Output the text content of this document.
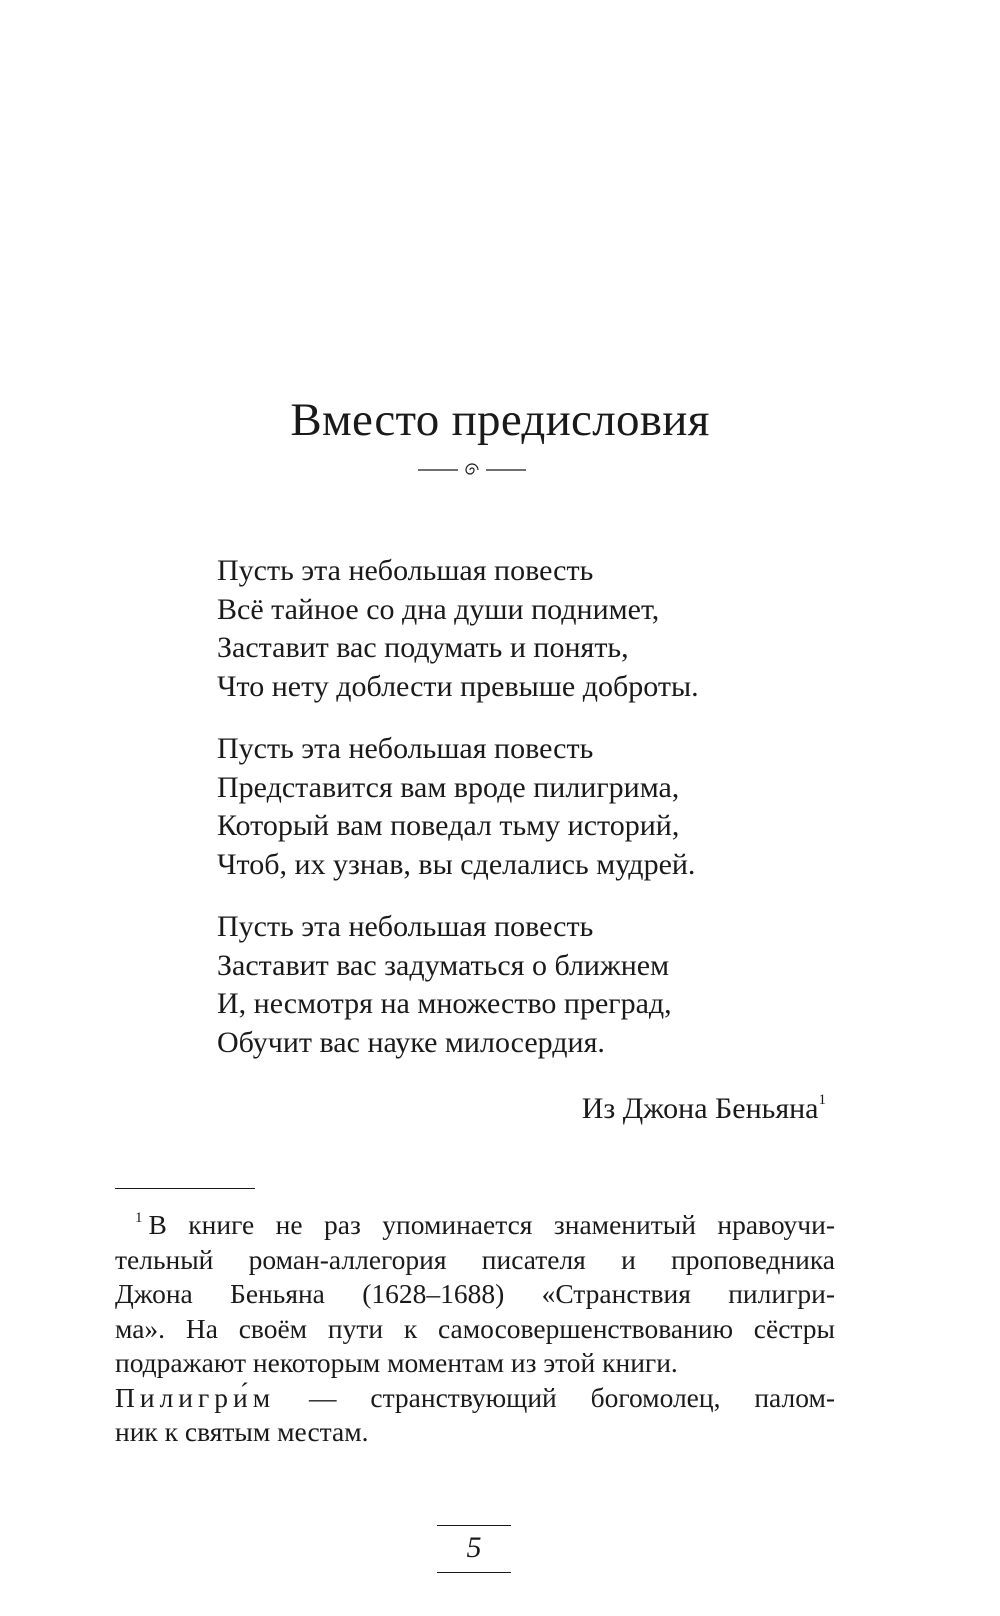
Вместо предисловия
Пусть эта небольшая повесть
Всё тайное со дна души поднимет,
Заставит вас подумать и понять,
Что нету доблести превыше доброты.
Пусть эта небольшая повесть
Представится вам вроде пилигрима,
Который вам поведал тьму историй,
Чтоб, их узнав, вы сделались мудрей.
Пусть эта небольшая повесть
Заставит вас задуматься о ближнем
И, несмотря на множество преград,
Обучит вас науке милосердия.
Из Джона Беньяна$^1$
$^1$ В книге не раз упоминается знаменитый нравоучи-
тельный роман-аллегория писателя и проповедника
Джона Беньяна (1628–1688) «Странствия пилигри-
ма». На своём пути к самосовершенствованию сёстры
подражают некоторым моментам из этой книги.
Пилигри́м — странствующий богомолец, палом-
ник к святым местам.
5
